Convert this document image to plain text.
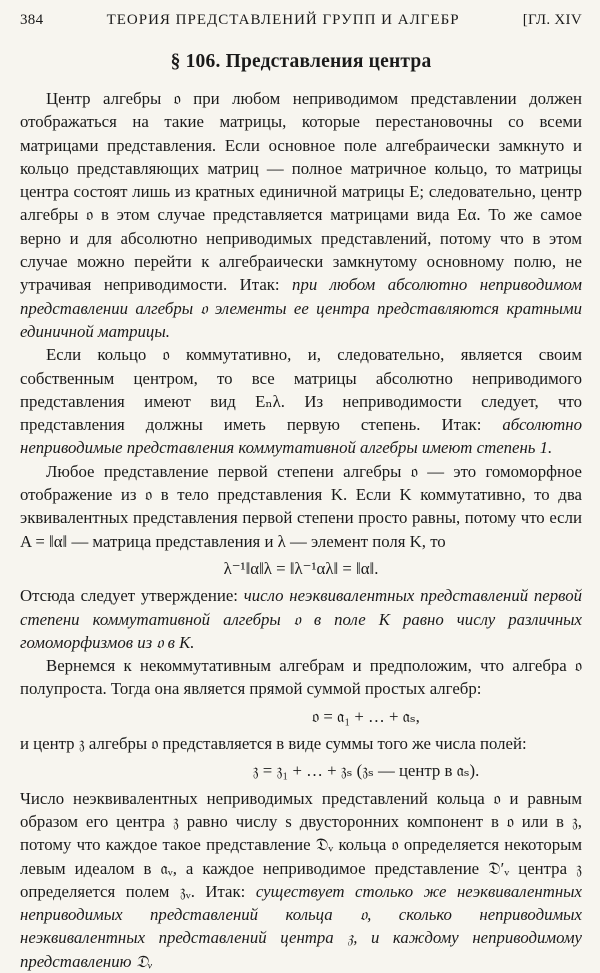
384	ТЕОРИЯ ПРЕДСТАВЛЕНИЙ ГРУПП И АЛГЕБР	[ГЛ. XIV
§ 106. Представления центра

Центр алгебры 𝔬 при любом неприводимом представлении должен отображаться на такие матрицы, которые перестановочны со всеми матрицами представления. Если основное поле алгебраически замкнуто и кольцо представляющих матриц — полное матричное кольцо, то матрицы центра состоят лишь из кратных единичной матрицы E; следовательно, центр алгебры 𝔬 в этом случае представляется матрицами вида Eα. То же самое верно и для абсолютно неприводимых представлений, потому что в этом случае можно перейти к алгебраически замкнутому основному полю, не утрачивая неприводимости. Итак: при любом абсолютно неприводимом представлении алгебры 𝔬 элементы ее центра представляются кратными единичной матрицы.

Если кольцо 𝔬 коммутативно, и, следовательно, является своим собственным центром, то все матрицы абсолютно неприводимого представления имеют вид Eₙλ. Из неприводимости следует, что представления должны иметь первую степень. Итак: абсолютно неприводимые представления коммутативной алгебры имеют степень 1.

Любое представление первой степени алгебры 𝔬 — это гомоморфное отображение из 𝔬 в тело представления K. Если K коммутативно, то два эквивалентных представления первой степени просто равны, потому что если A = ‖α‖ — матрица представления и λ — элемент поля K, то

λ⁻¹‖α‖λ = ‖λ⁻¹αλ‖ = ‖α‖.

Отсюда следует утверждение: число неэквивалентных представлений первой степени коммутативной алгебры 𝔬 в поле K равно числу различных гомоморфизмов из 𝔬 в K.

Вернемся к некоммутативным алгебрам и предположим, что алгебра 𝔬 полупроста. Тогда она является прямой суммой простых алгебр:

𝔬 = 𝔞₁ + … + 𝔞ₛ,

и центр 𝔷 алгебры 𝔬 представляется в виде суммы того же числа полей:

𝔷 = 𝔷₁ + … + 𝔷ₛ (𝔷ₛ — центр в 𝔞ₛ).

Число неэквивалентных неприводимых представлений кольца 𝔬 и равным образом его центра 𝔷 равно числу s двусторонних компонент в 𝔬 или в 𝔷, потому что каждое такое представление 𝔇ᵥ кольца 𝔬 определяется некоторым левым идеалом в 𝔞ᵥ, а каждое неприводимое представление 𝔇′ᵥ центра 𝔷 определяется полем 𝔷ᵥ. Итак: существует столько же неэквивалентных неприводимых представлений кольца 𝔬, сколько неприводимых неэквивалентных представлений центра 𝔷, и каждому неприводимому представлению 𝔇ᵥ
